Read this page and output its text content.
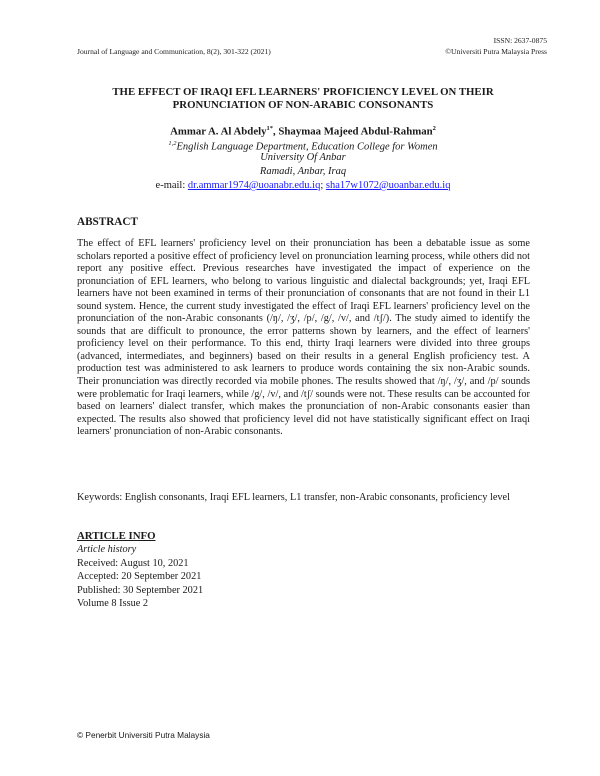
ISSN: 2637-0875
Journal of Language and Communication, 8(2), 301-322 (2021)	©Universiti Putra Malaysia Press
THE EFFECT OF IRAQI EFL LEARNERS' PROFICIENCY LEVEL ON THEIR
PRONUNCIATION OF NON-ARABIC CONSONANTS
Ammar A. Al Abdely$^{1*}$, Shaymaa Majeed Abdul-Rahman$^2$
$^{1,2}$English Language Department, Education College for Women
University Of Anbar
Ramadi, Anbar, Iraq
e-mail: dr.ammar1974@uoanabr.edu.iq; sha17w1072@uoanbar.edu.iq
ABSTRACT
The effect of EFL learners' proficiency level on their pronunciation has been a debatable issue as some scholars reported a positive effect of proficiency level on pronunciation learning process, while others did not report any positive effect. Previous researches have investigated the impact of experience on the pronunciation of EFL learners, who belong to various linguistic and dialectal backgrounds; yet, Iraqi EFL learners have not been examined in terms of their pronunciation of consonants that are not found in their L1 sound system. Hence, the current study investigated the effect of Iraqi EFL learners' proficiency level on the pronunciation of the non-Arabic consonants (/ŋ/, /ʒ/, /p/, /g/, /v/, and /tʃ/). The study aimed to identify the sounds that are difficult to pronounce, the error patterns shown by learners, and the effect of learners' proficiency level on their performance. To this end, thirty Iraqi learners were divided into three groups (advanced, intermediates, and beginners) based on their results in a general English proficiency test. A production test was administered to ask learners to produce words containing the six non-Arabic sounds. Their pronunciation was directly recorded via mobile phones. The results showed that /ŋ/, /ʒ/, and /p/ sounds were problematic for Iraqi learners, while /g/, /v/, and /tʃ/ sounds were not. These results can be accounted for based on learners' dialect transfer, which makes the pronunciation of non-Arabic consonants easier than expected. The results also showed that proficiency level did not have statistically significant effect on Iraqi learners' pronunciation of non-Arabic consonants.
Keywords: English consonants, Iraqi EFL learners, L1 transfer, non-Arabic consonants, proficiency level
ARTICLE INFO
Article history
Received: August 10, 2021
Accepted: 20 September 2021
Published: 30 September 2021
Volume 8 Issue 2
© Penerbit Universiti Putra Malaysia
